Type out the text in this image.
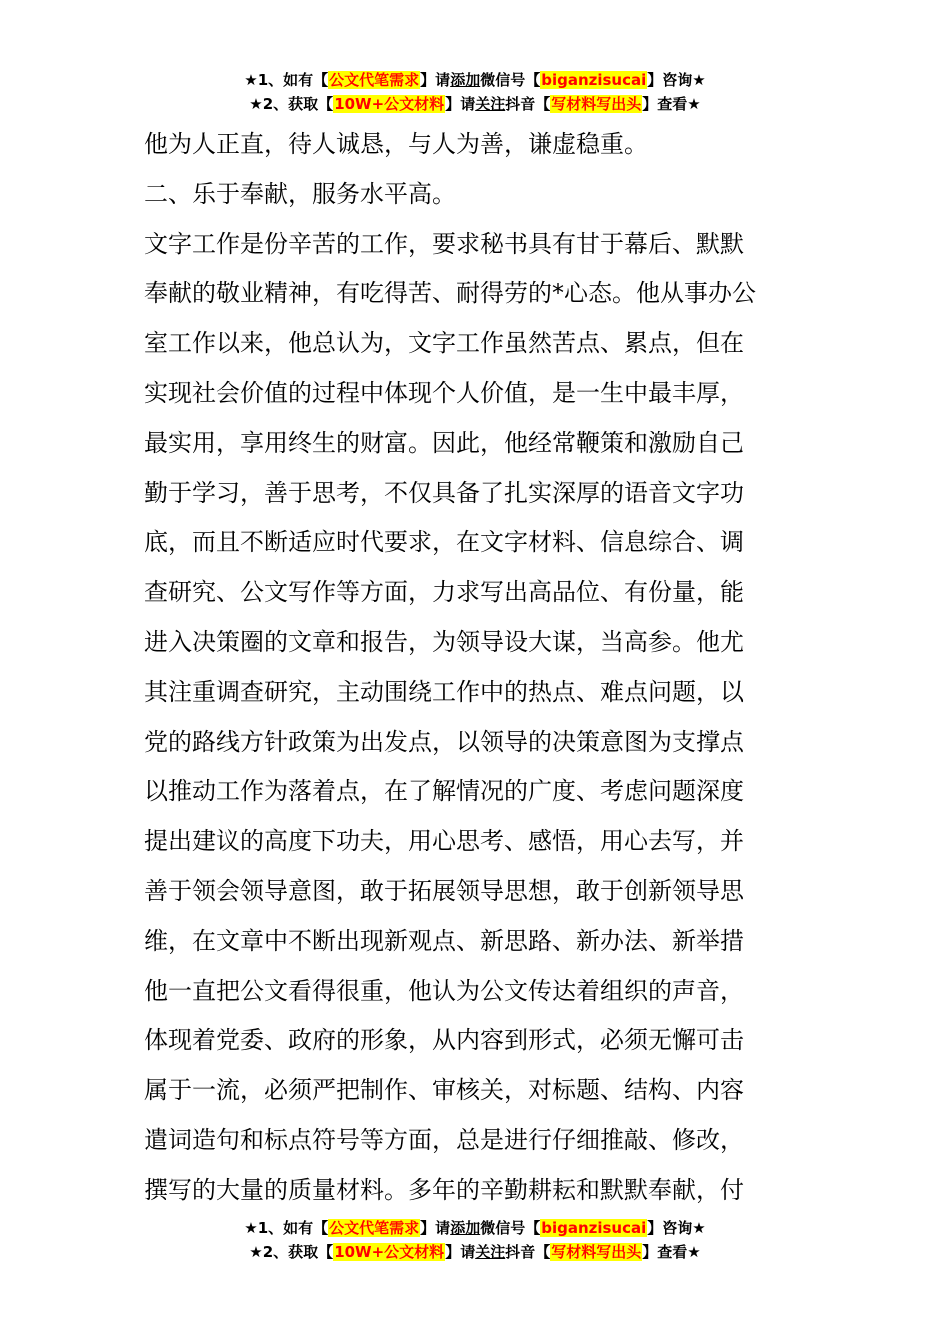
★1、如有【公文代笔需求】请添加微信号【biganzisucai】咨询★
★2、获取【10W+公文材料】请关注抖音【写材料写出头】查看★
他为人正直，待人诚恳，与人为善，谦虚稳重。
二、乐于奉献，服务水平高。
文字工作是份辛苦的工作，要求秘书具有甘于幕后、默默
奉献的敬业精神，有吃得苦、耐得劳的*心态。他从事办公
室工作以来，他总认为，文字工作虽然苦点、累点，但在
实现社会价值的过程中体现个人价值，是一生中最丰厚，
最实用，享用终生的财富。因此，他经常鞭策和激励自己
勤于学习，善于思考，不仅具备了扎实深厚的语音文字功
底，而且不断适应时代要求，在文字材料、信息综合、调
查研究、公文写作等方面，力求写出高品位、有份量，能
进入决策圈的文章和报告，为领导设大谋，当高参。他尤
其注重调查研究，主动围绕工作中的热点、难点问题，以
党的路线方针政策为出发点，以领导的决策意图为支撑点
以推动工作为落着点，在了解情况的广度、考虑问题深度
提出建议的高度下功夫，用心思考、感悟，用心去写，并
善于领会领导意图，敢于拓展领导思想，敢于创新领导思
维，在文章中不断出现新观点、新思路、新办法、新举措
他一直把公文看得很重，他认为公文传达着组织的声音，
体现着党委、政府的形象，从内容到形式，必须无懈可击
属于一流，必须严把制作、审核关，对标题、结构、内容
遣词造句和标点符号等方面，总是进行仔细推敲、修改，
撰写的大量的质量材料。多年的辛勤耕耘和默默奉献，付
★1、如有【公文代笔需求】请添加微信号【biganzisucai】咨询★
★2、获取【10W+公文材料】请关注抖音【写材料写出头】查看★
